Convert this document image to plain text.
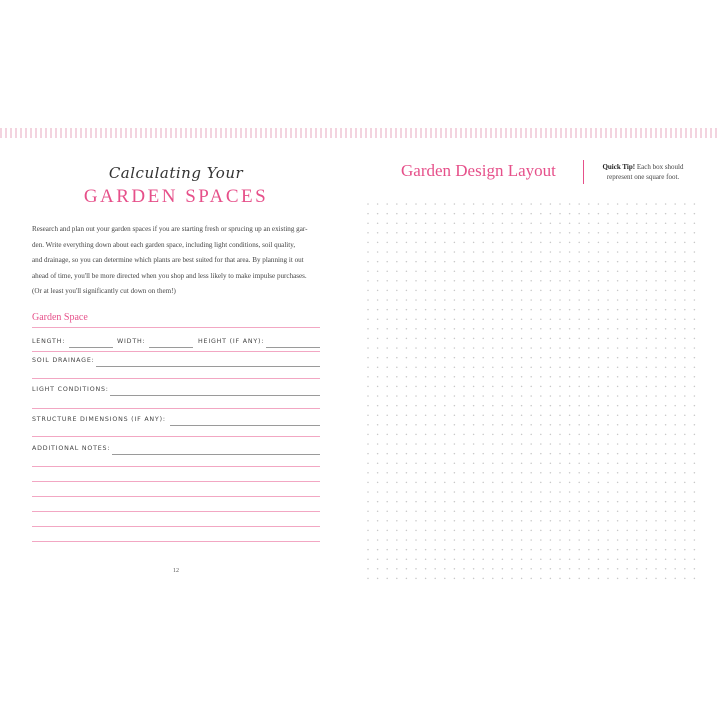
Calculating Your
GARDEN SPACES
Research and plan out your garden spaces if you are starting fresh or sprucing up an existing gar-
den. Write everything down about each garden space, including light conditions, soil quality,
and drainage, so you can determine which plants are best suited for that area. By planning it out
ahead of time, you'll be more directed when you shop and less likely to make impulse purchases.
(Or at least you'll significantly cut down on them!)
Garden Space
LENGTH:	WIDTH:	HEIGHT (IF ANY):
SOIL DRAINAGE:
LIGHT CONDITIONS:
STRUCTURE DIMENSIONS (IF ANY):
ADDITIONAL NOTES:
12
Garden Design Layout	Quick Tip! Each box should
represent one square foot.
